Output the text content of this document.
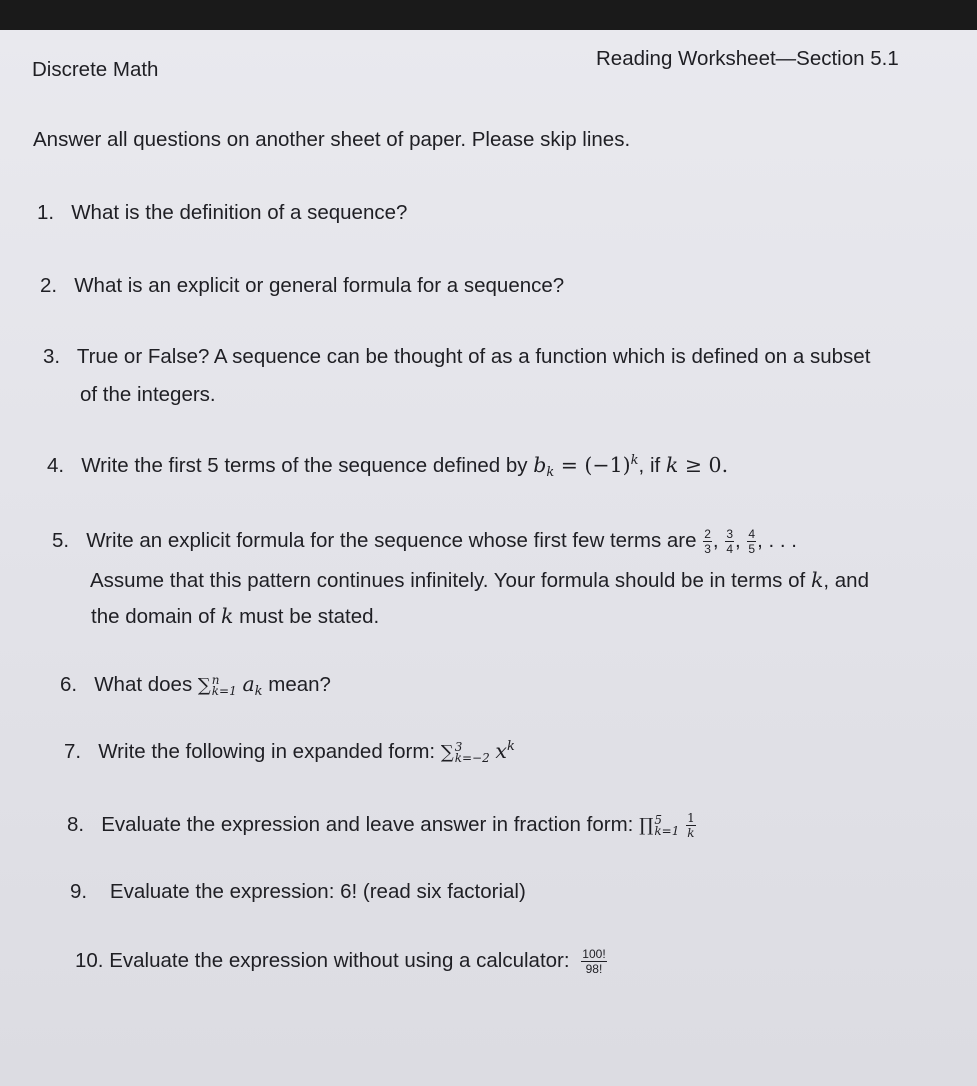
Discrete Math	Reading Worksheet—Section 5.1
Answer all questions on another sheet of paper. Please skip lines.
1. What is the definition of a sequence?
2. What is an explicit or general formula for a sequence?
3. True or False? A sequence can be thought of as a function which is defined on a subset
of the integers.
4. Write the first 5 terms of the sequence defined by $b_k = (-1)^k$, if k ≥ 0.
5. Write an explicit formula for the sequence whose first few terms are $\frac{2}{3}$ , $\frac{3}{4}$ , $\frac{4}{5}$ , . . .
Assume that this pattern continues infinitely. Your formula should be in terms of k, and
the domain of k must be stated.
6. What does ∑ n
k=1 $a_k$ mean?
7. Write the following in expanded form: ∑ 3
k=−2 $x^k$
8. Evaluate the expression and leave answer in fraction form: ∏ 5
k=1
$\frac{1}{k}$
9. Evaluate the expression: 6! (read six factorial)
10. Evaluate the expression without using a calculator: $\frac{100!}{98!}$
